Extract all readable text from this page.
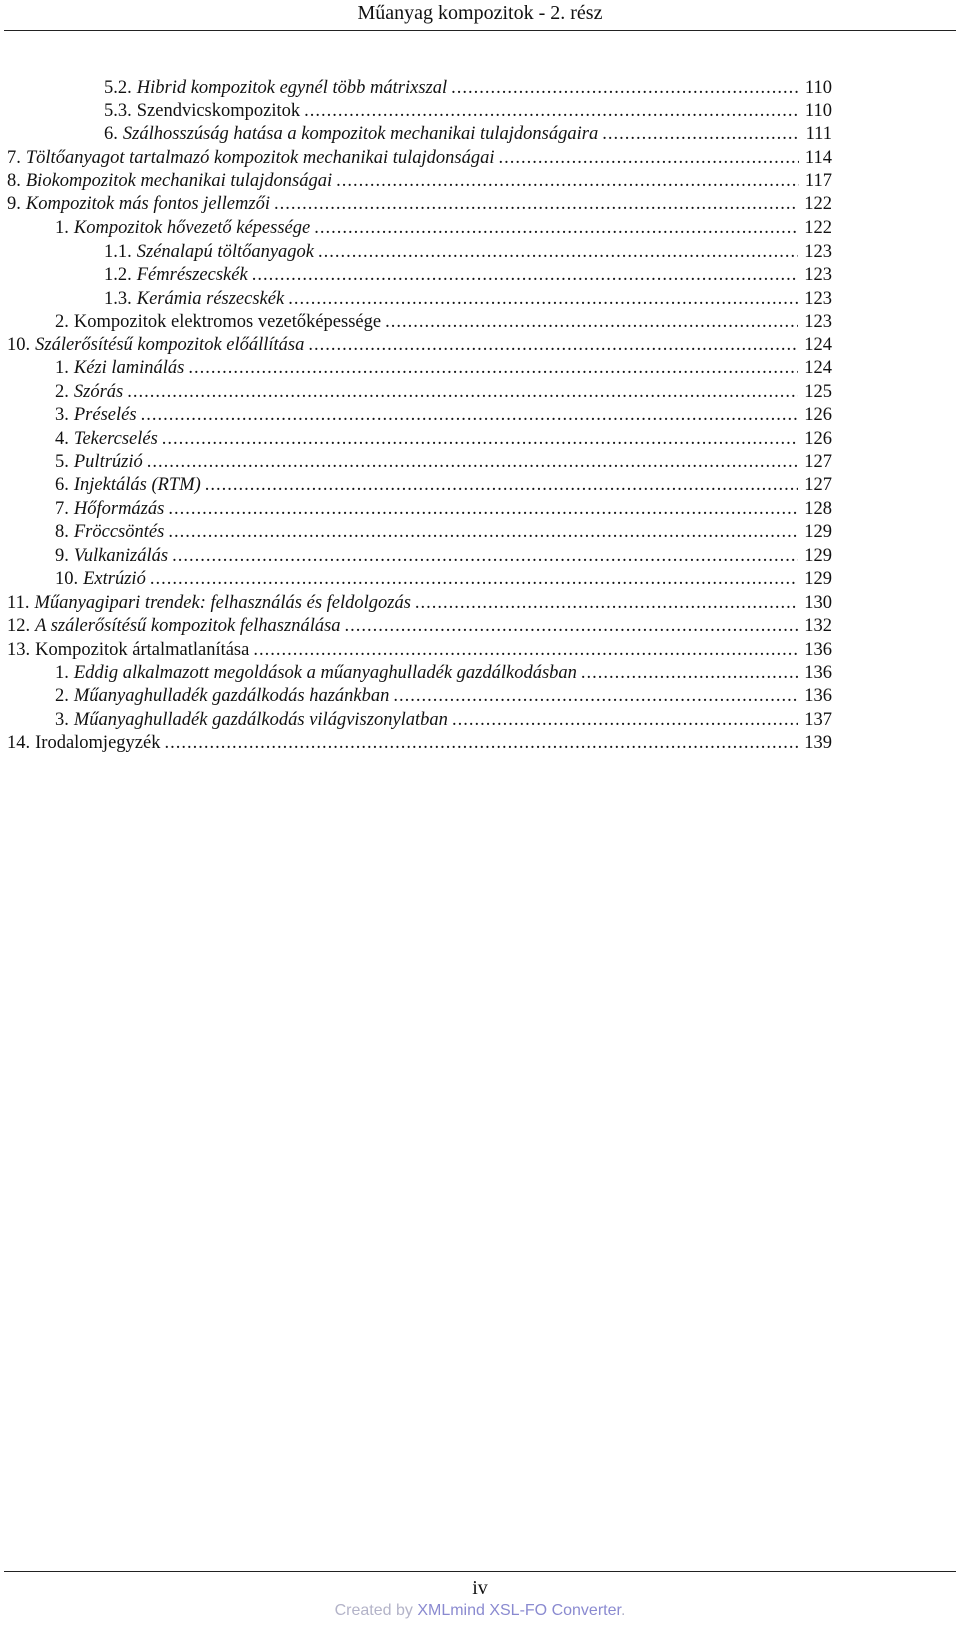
Műanyag kompozitok - 2. rész
5.2. Hibrid kompozitok egynél több mátrixszal .....	110
5.3. Szendvicskompozitok .....	110
6. Szálhosszúság hatása a kompozitok mechanikai tulajdonságaira .....	111
7. Töltőanyagot tartalmazó kompozitok mechanikai tulajdonságai .....	114
8. Biokompozitok mechanikai tulajdonságai .....	117
9. Kompozitok más fontos jellemzői .....	122
1. Kompozitok hővezető képessége .....	122
1.1. Szénalapú töltőanyagok .....	123
1.2. Fémrészecskék .....	123
1.3. Kerámia részecskék .....	123
2. Kompozitok elektromos vezetőképessége .....	123
10. Szálerősítésű kompozitok előállítása .....	124
1. Kézi laminálás .....	124
2. Szórás .....	125
3. Préselés .....	126
4. Tekercselés .....	126
5. Pultrúzió .....	127
6. Injektálás (RTM) .....	127
7. Hőformázás .....	128
8. Fröccsöntés .....	129
9. Vulkanizálás .....	129
10. Extrúzió .....	129
11. Műanyagipari trendek: felhasználás és feldolgozás .....	130
12. A szálerősítésű kompozitok felhasználása .....	132
13. Kompozitok ártalmatlanítása .....	136
1. Eddig alkalmazott megoldások a műanyaghulladék gazdálkodásban .....	136
2. Műanyaghulladék gazdálkodás hazánkban .....	136
3. Műanyaghulladék gazdálkodás világviszonylatban .....	137
14. Irodalomjegyzék .....	139
iv
Created by XMLmind XSL-FO Converter.
